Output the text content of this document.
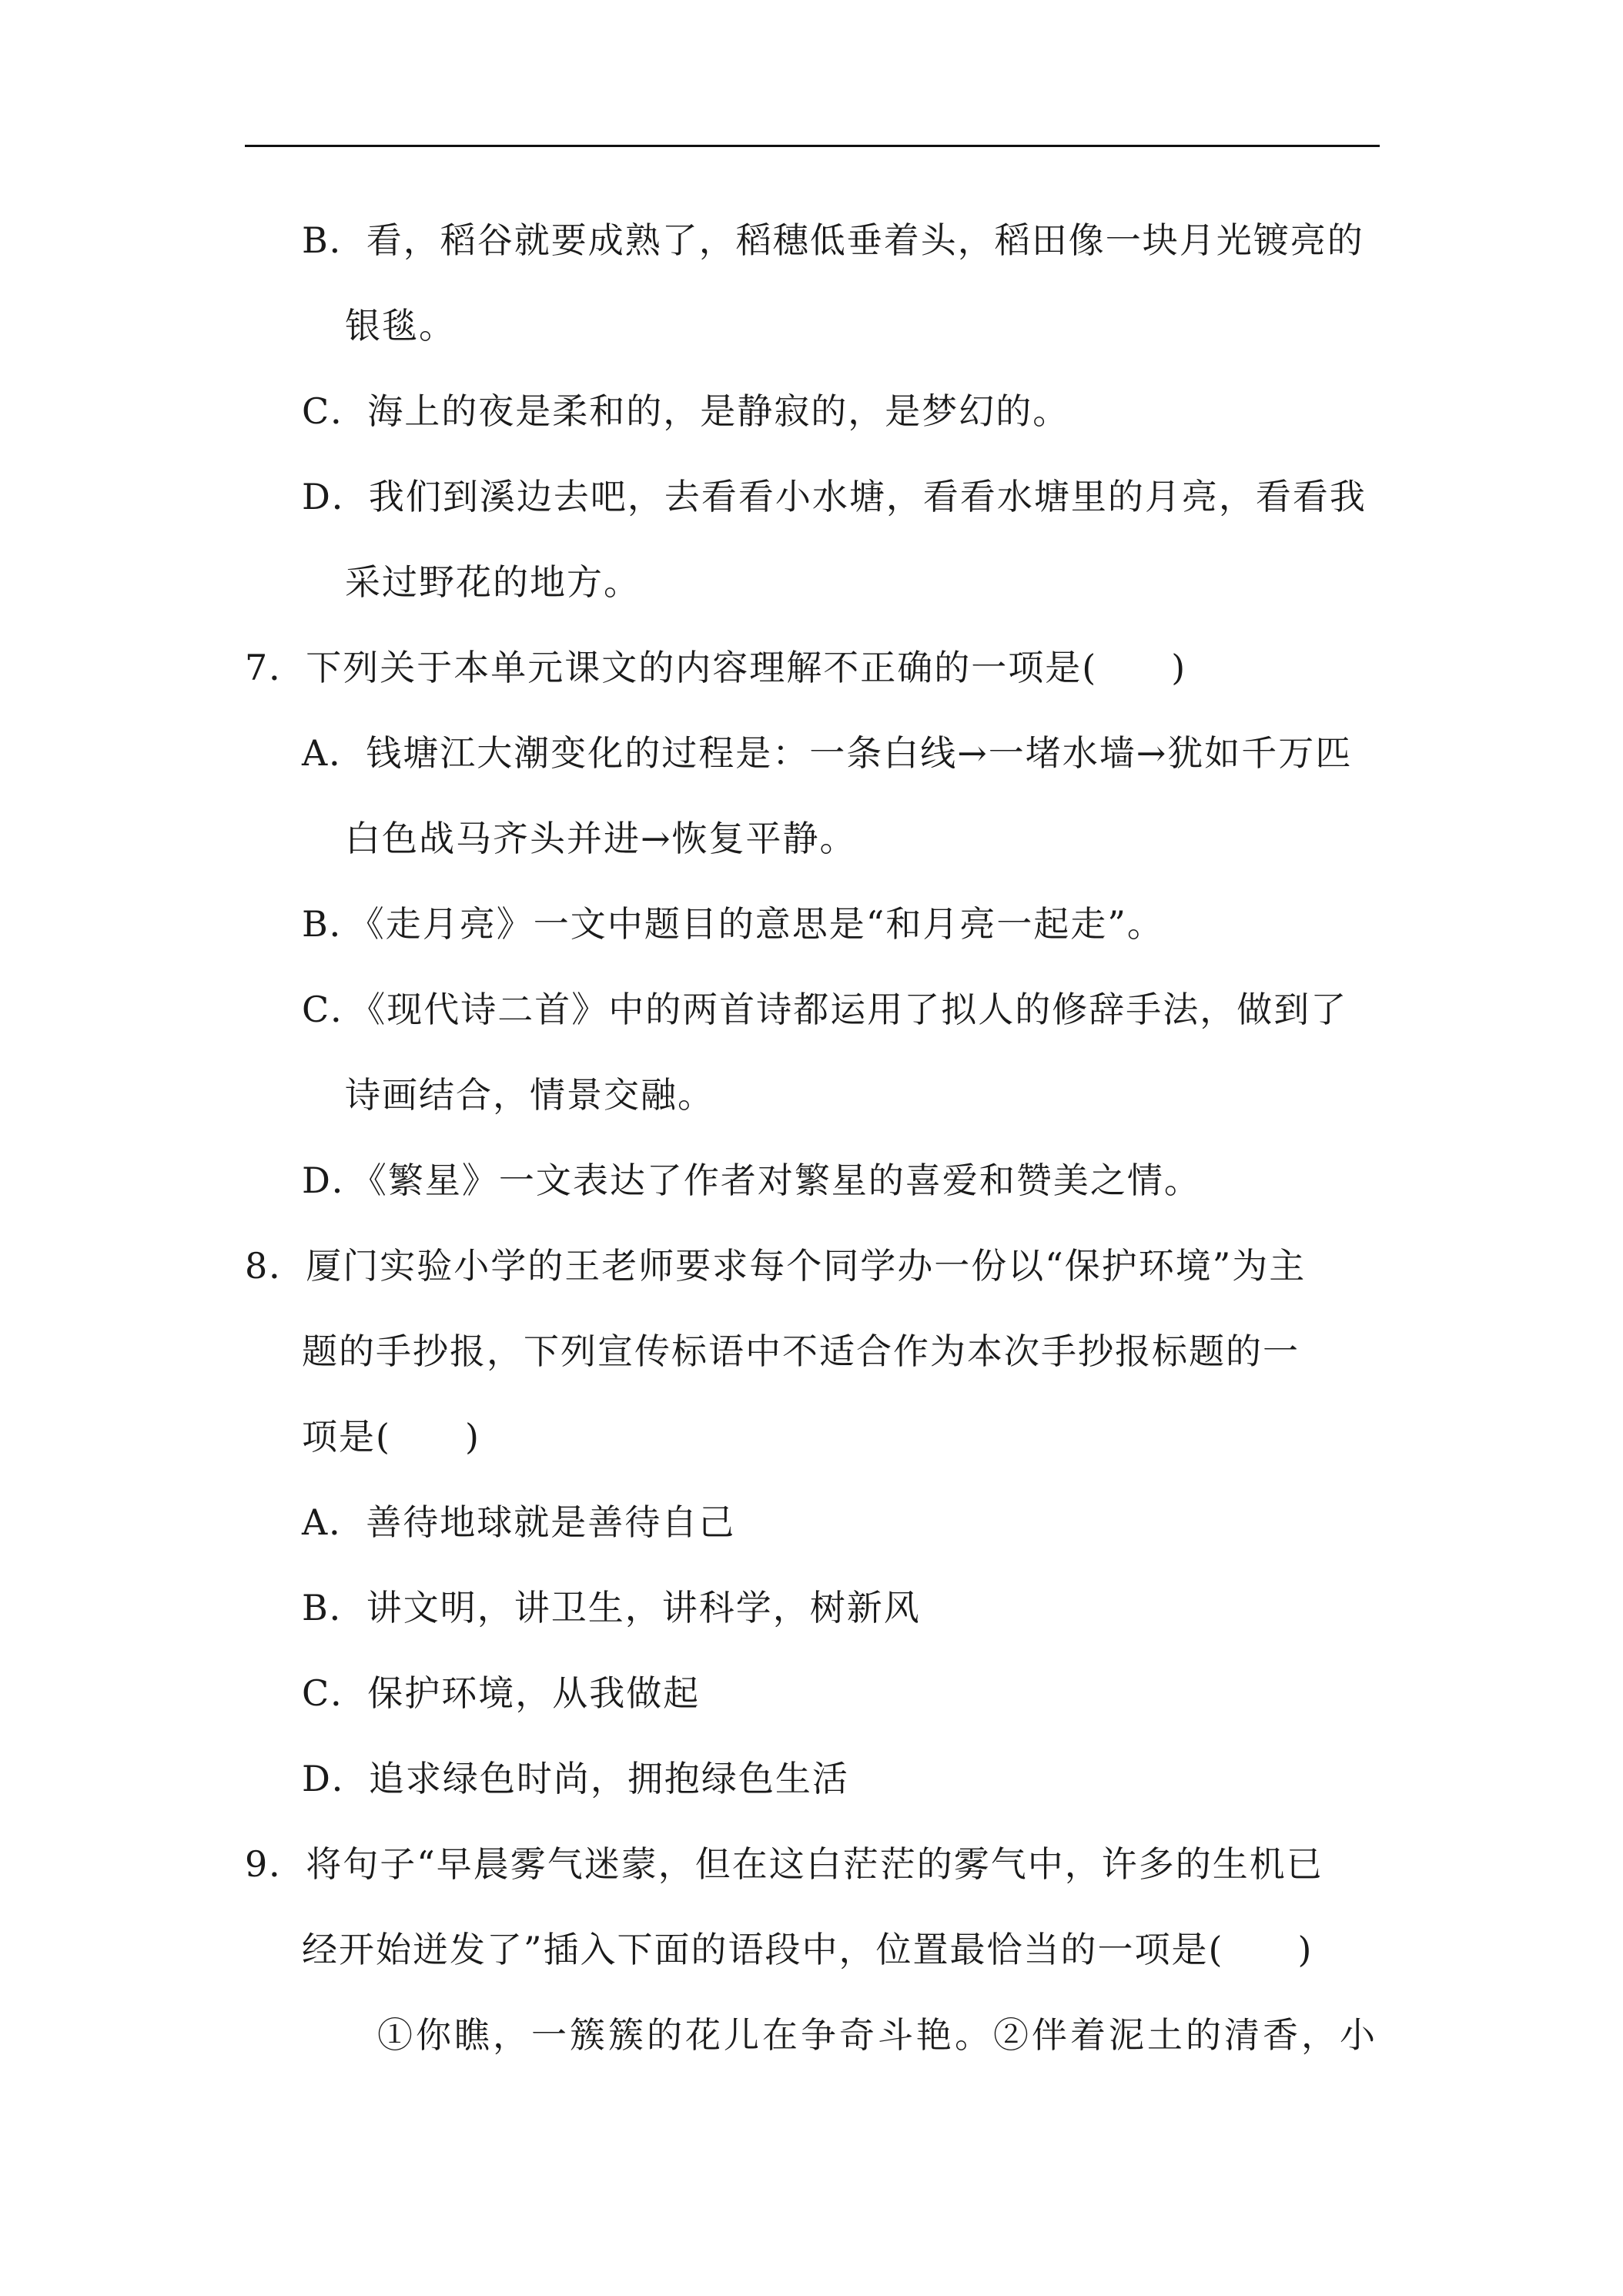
B．看，稻谷就要成熟了，稻穗低垂着头，稻田像一块月光镀亮的
银毯。
C．海上的夜是柔和的，是静寂的，是梦幻的。
D．我们到溪边去吧，去看看小水塘，看看水塘里的月亮，看看我
采过野花的地方。
7．下列关于本单元课文的内容理解不正确的一项是(　　)
A．钱塘江大潮变化的过程是：一条白线→一堵水墙→犹如千万匹
白色战马齐头并进→恢复平静。
B．《走月亮》一文中题目的意思是“和月亮一起走”。
C．《现代诗二首》中的两首诗都运用了拟人的修辞手法，做到了
诗画结合，情景交融。
D．《繁星》一文表达了作者对繁星的喜爱和赞美之情。
8．厦门实验小学的王老师要求每个同学办一份以“保护环境”为主
题的手抄报，下列宣传标语中不适合作为本次手抄报标题的一
项是(　　)
A．善待地球就是善待自己
B．讲文明，讲卫生，讲科学，树新风
C．保护环境，从我做起
D．追求绿色时尚，拥抱绿色生活
9．将句子“早晨雾气迷蒙，但在这白茫茫的雾气中，许多的生机已
经开始迸发了”插入下面的语段中，位置最恰当的一项是(　　)
①你瞧，一簇簇的花儿在争奇斗艳。②伴着泥土的清香，小
